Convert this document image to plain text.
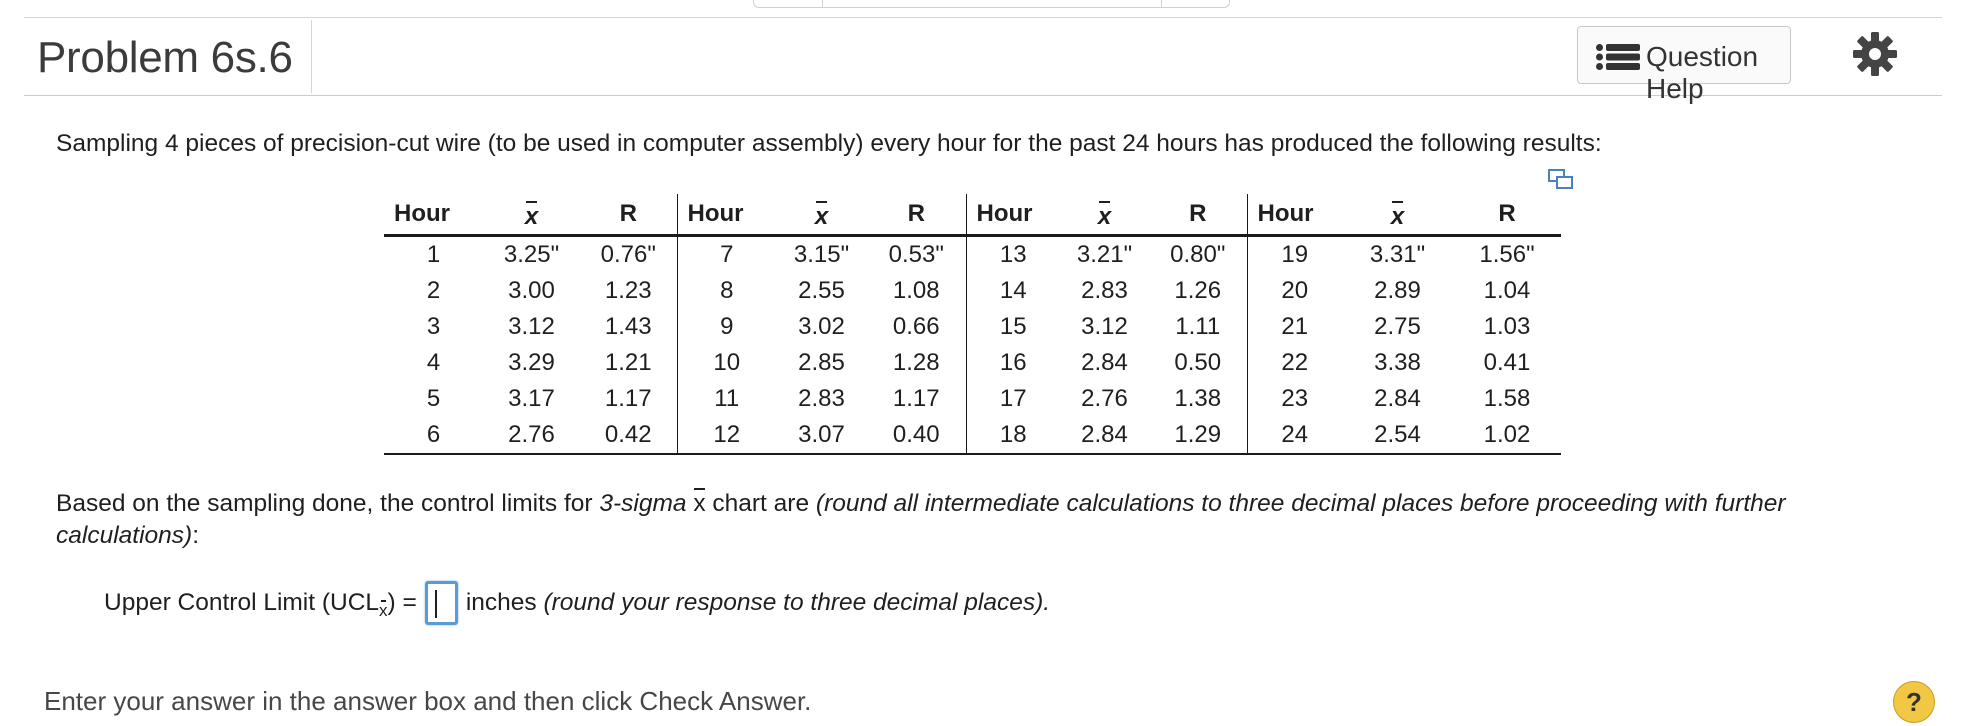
Problem 6s.6	Question Help
Sampling 4 pieces of precision-cut wire (to be used in computer assembly) every hour for the past 24 hours has produced the following results:
Hour	x	R	Hour	x	R	Hour	x	R	Hour	x	R
1	3.25"	0.76"	7	3.15"	0.53"	13	3.21"	0.80"	19	3.31"	1.56"
2	3.00	1.23	8	2.55	1.08	14	2.83	1.26	20	2.89	1.04
3	3.12	1.43	9	3.02	0.66	15	3.12	1.11	21	2.75	1.03
4	3.29	1.21	10	2.85	1.28	16	2.84	0.50	22	3.38	0.41
5	3.17	1.17	11	2.83	1.17	17	2.76	1.38	23	2.84	1.58
6	2.76	0.42	12	3.07	0.40	18	2.84	1.29	24	2.54	1.02
Based on the sampling done, the control limits for 3-sigma x chart are (round all intermediate calculations to three decimal places before proceeding with further calculations):
Upper Control Limit (UCL x ) = inches
(round your response to three decimal places).
Enter your answer in the answer box and then click Check Answer.	?
